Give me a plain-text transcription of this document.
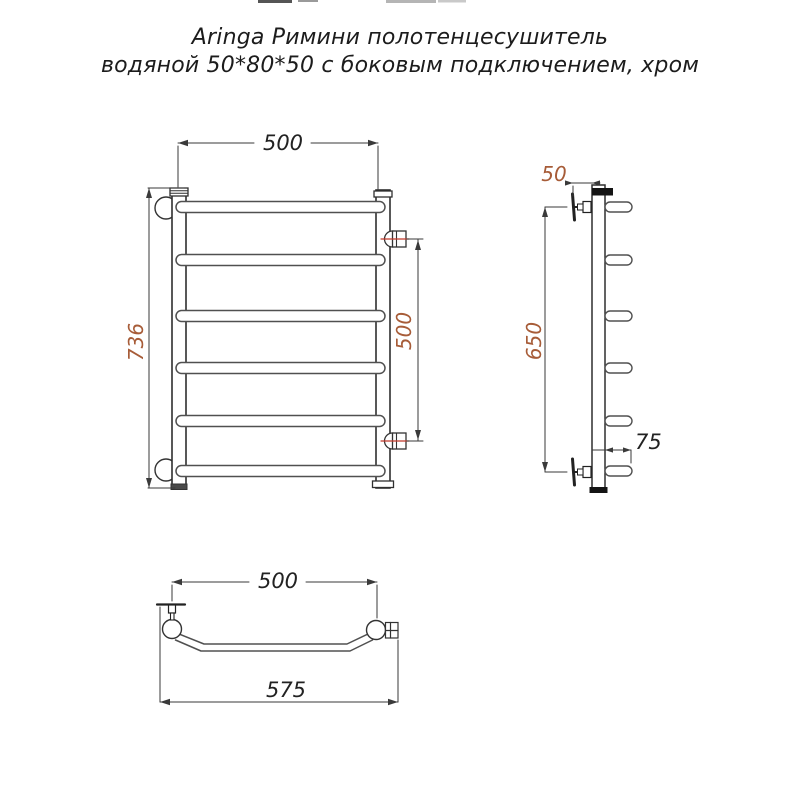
Aringa Римини полотенцесушитель
водяной 50*80*50 с боковым подключением, хром
500
736	500
50
650
75
500
575
